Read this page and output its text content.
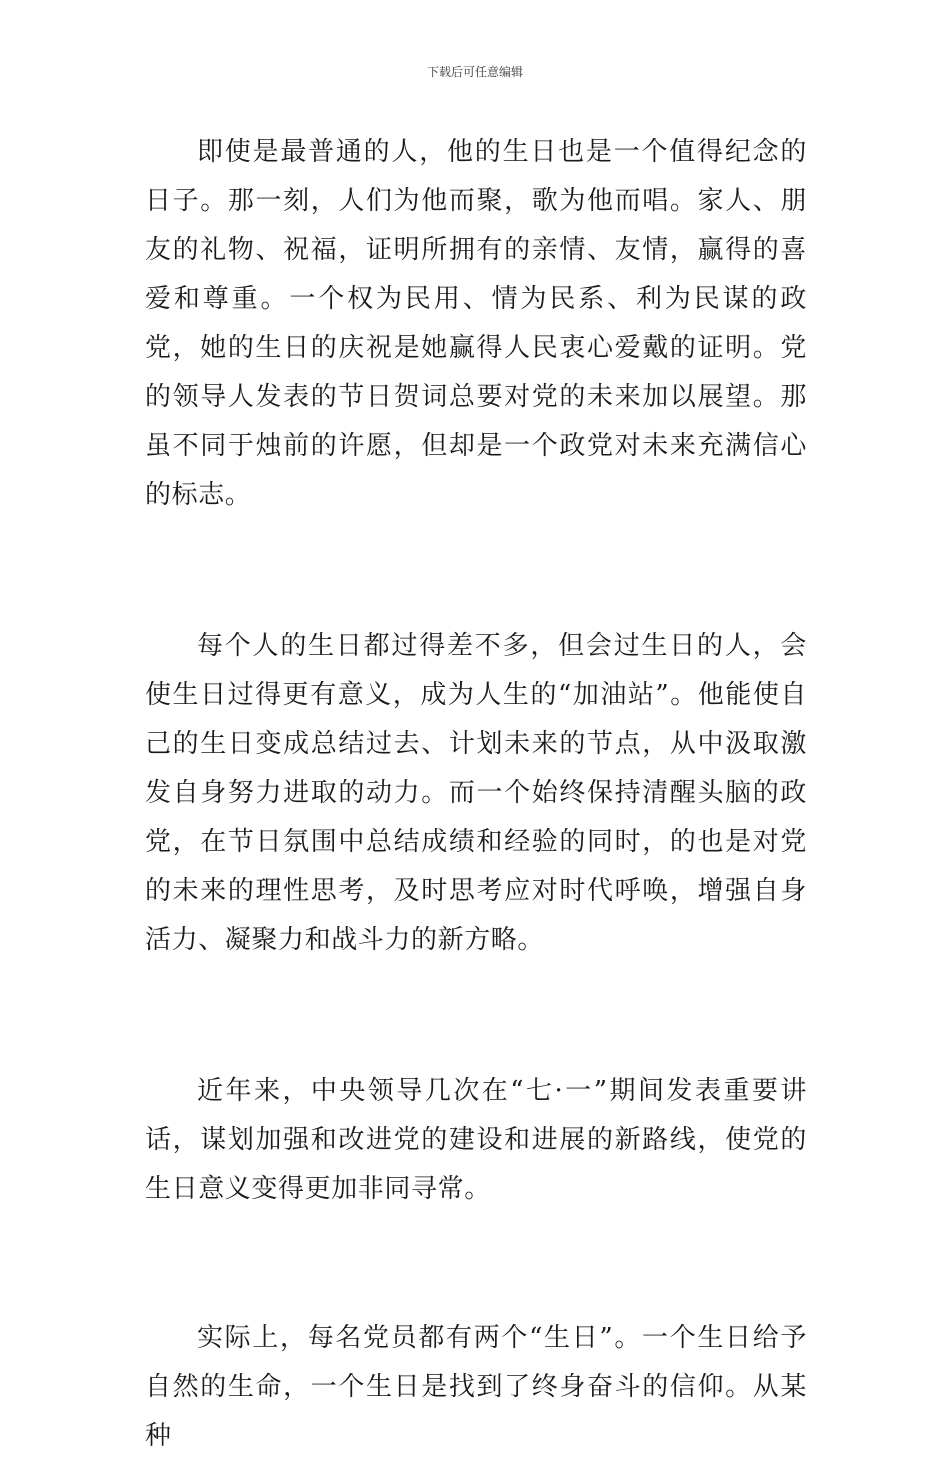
下载后可任意编辑

即使是最普通的人，他的生日也是一个值得纪念的日子。那一刻，人们为他而聚，歌为他而唱。家人、朋友的礼物、祝福，证明所拥有的亲情、友情，赢得的喜爱和尊重。一个权为民用、情为民系、利为民谋的政党，她的生日的庆祝是她赢得人民衷心爱戴的证明。党的领导人发表的节日贺词总要对党的未来加以展望。那虽不同于烛前的许愿，但却是一个政党对未来充满信心的标志。

每个人的生日都过得差不多，但会过生日的人，会使生日过得更有意义，成为人生的“加油站”。他能使自己的生日变成总结过去、计划未来的节点，从中汲取激发自身努力进取的动力。而一个始终保持清醒头脑的政党，在节日氛围中总结成绩和经验的同时，的也是对党的未来的理性思考，及时思考应对时代呼唤，增强自身活力、凝聚力和战斗力的新方略。

近年来，中央领导几次在“七·一”期间发表重要讲话，谋划加强和改进党的建设和进展的新路线，使党的生日意义变得更加非同寻常。

实际上，每名党员都有两个“生日”。一个生日给予自然的生命，一个生日是找到了终身奋斗的信仰。从某种
